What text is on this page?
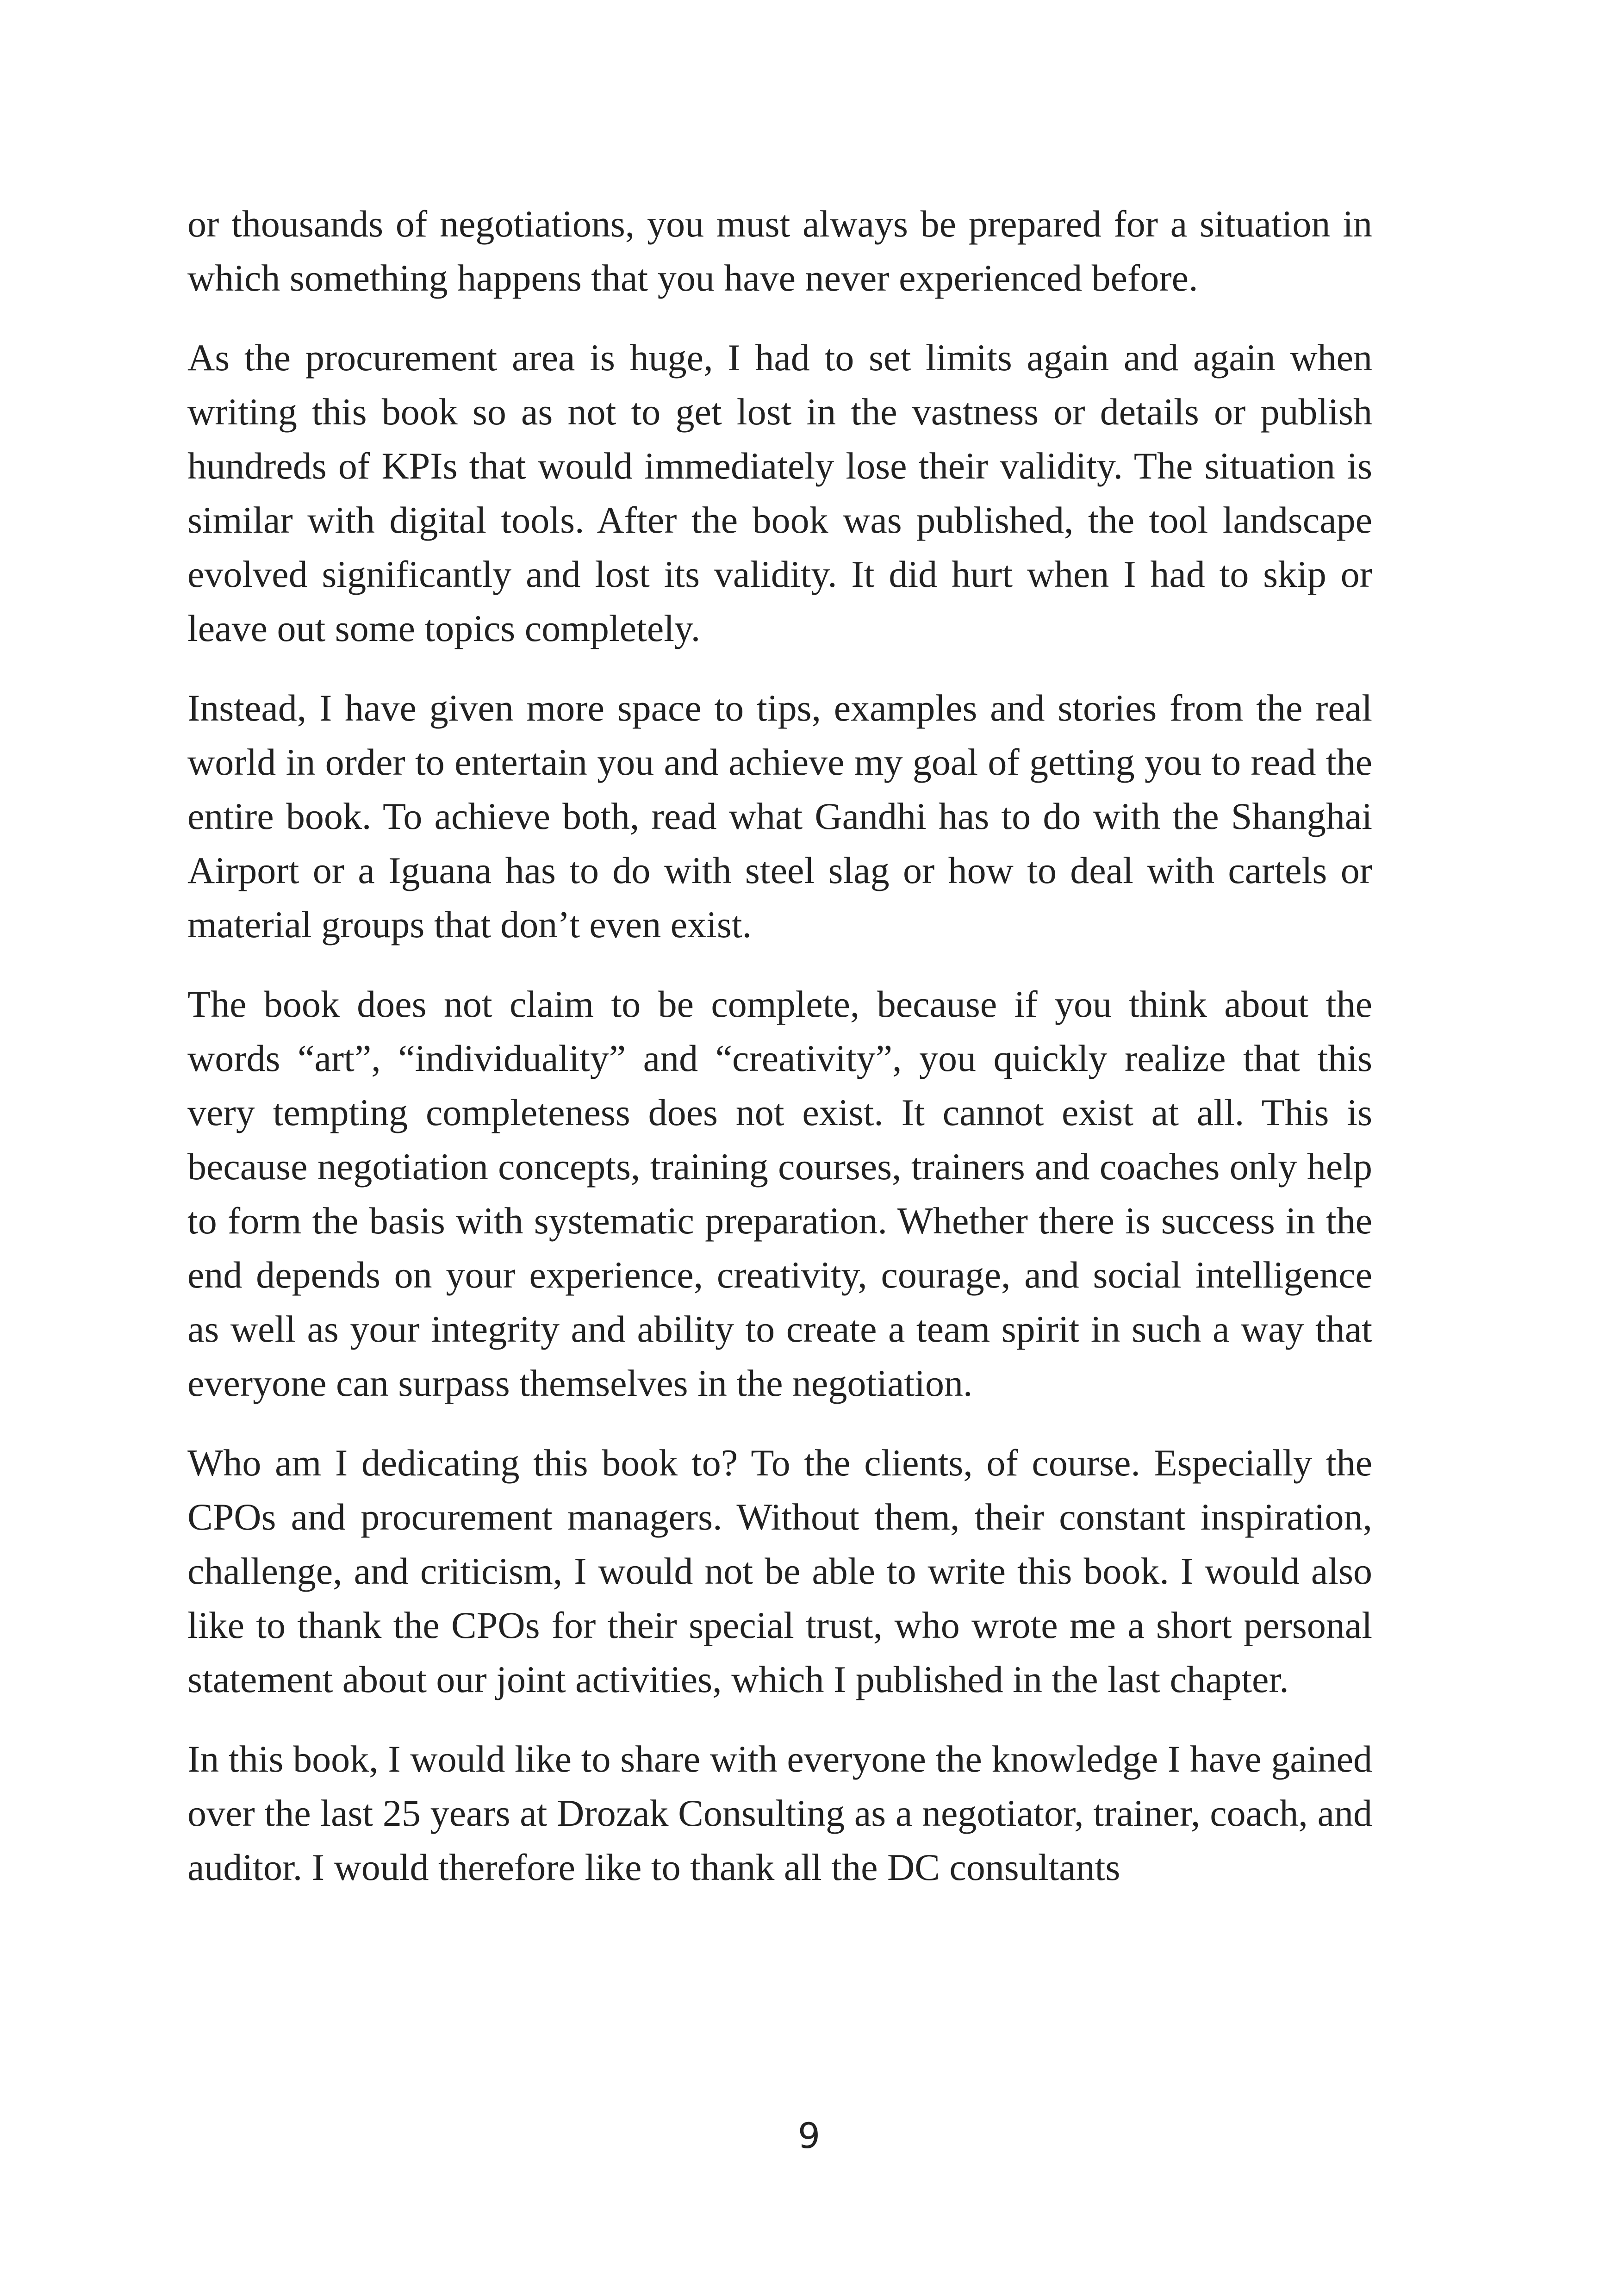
or thousands of negotiations, you must always be prepared for a situation in which something happens that you have never experienced before.

As the procurement area is huge, I had to set limits again and again when writing this book so as not to get lost in the vastness or details or publish hundreds of KPIs that would immediately lose their validity. The situation is similar with digital tools. After the book was published, the tool landscape evolved significantly and lost its validity. It did hurt when I had to skip or leave out some topics completely.

Instead, I have given more space to tips, examples and stories from the real world in order to entertain you and achieve my goal of getting you to read the entire book. To achieve both, read what Gandhi has to do with the Shanghai Airport or a Iguana has to do with steel slag or how to deal with cartels or material groups that don’t even exist.

The book does not claim to be complete, because if you think about the words “art”, “individuality” and “creativity”, you quickly realize that this very tempting completeness does not exist. It cannot exist at all. This is because negotiation concepts, training courses, trainers and coaches only help to form the basis with systematic preparation. Whether there is success in the end depends on your experience, creativity, courage, and social intelligence as well as your integrity and ability to create a team spirit in such a way that everyone can surpass themselves in the negotiation.

Who am I dedicating this book to? To the clients, of course. Especially the CPOs and procurement managers. Without them, their constant inspiration, challenge, and criticism, I would not be able to write this book. I would also like to thank the CPOs for their special trust, who wrote me a short personal statement about our joint activities, which I published in the last chapter.

In this book, I would like to share with everyone the knowledge I have gained over the last 25 years at Drozak Consulting as a negotiator, trainer, coach, and auditor. I would therefore like to thank all the DC consultants

9
